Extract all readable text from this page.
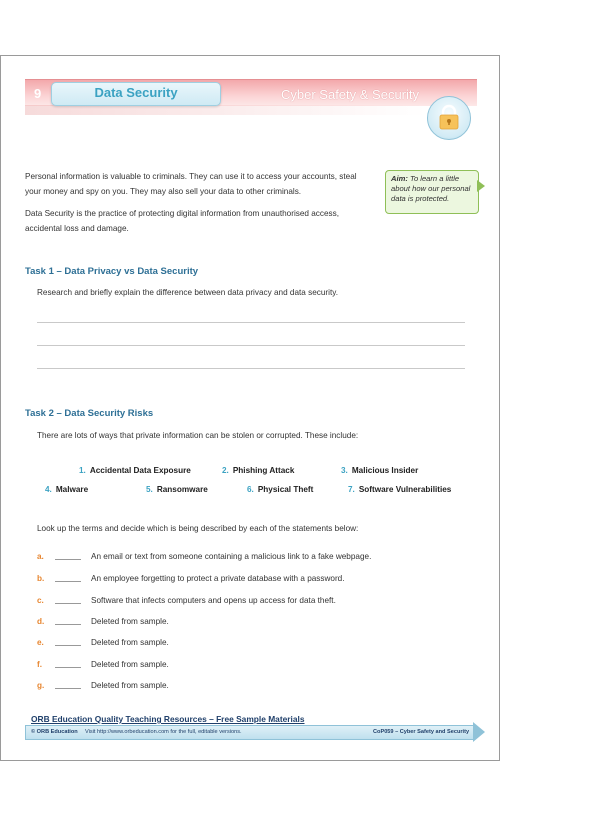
9	Data Security	Cyber Safety & Security
Personal information is valuable to criminals. They can use it to access your accounts, steal your money and spy on you. They may also sell your data to other criminals.
Data Security is the practice of protecting digital information from unauthorised access, accidental loss and damage.
Aim: To learn a little about how our personal data is protected.
Task 1 – Data Privacy vs Data Security
Research and briefly explain the difference between data privacy and data security.
Task 2 – Data Security Risks
There are lots of ways that private information can be stolen or corrupted. These include:
1. Accidental Data Exposure	2. Phishing Attack	3. Malicious Insider
4. Malware	5. Ransomware	6. Physical Theft	7. Software Vulnerabilities
Look up the terms and decide which is being described by each of the statements below:
a.	An email or text from someone containing a malicious link to a fake webpage.
b.	An employee forgetting to protect a private database with a password.
c.	Software that infects computers and opens up access for data theft.
d.	Deleted from sample.
e.	Deleted from sample.
f.	Deleted from sample.
g.	Deleted from sample.
ORB Education Quality Teaching Resources – Free Sample Materials
© ORB Education Visit http://www.orbeducation.com for the full, editable versions.	CoP059 – Cyber Safety and Security
